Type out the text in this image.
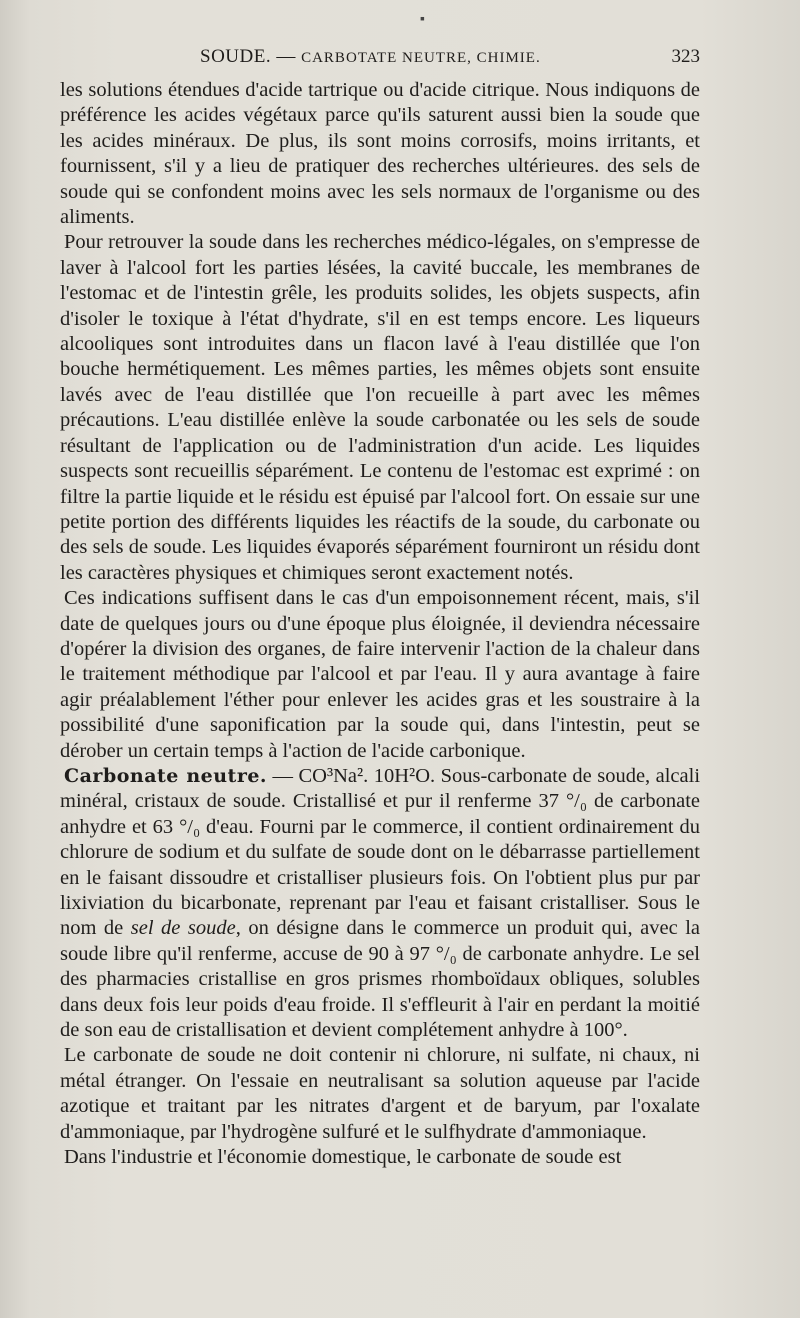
▪
SOUDE. — CARBOTATE NEUTRE, CHIMIE.	323

les solutions étendues d'acide tartrique ou d'acide citrique. Nous indiquons de préférence les acides végétaux parce qu'ils saturent aussi bien la soude que les acides minéraux. De plus, ils sont moins corrosifs, moins irritants, et fournissent, s'il y a lieu de pratiquer des recherches ultérieures. des sels de soude qui se confondent moins avec les sels normaux de l'organisme ou des aliments.

Pour retrouver la soude dans les recherches médico-légales, on s'empresse de laver à l'alcool fort les parties lésées, la cavité buccale, les membranes de l'estomac et de l'intestin grêle, les produits solides, les objets suspects, afin d'isoler le toxique à l'état d'hydrate, s'il en est temps encore. Les liqueurs alcooliques sont introduites dans un flacon lavé à l'eau distillée que l'on bouche hermétiquement. Les mêmes parties, les mêmes objets sont ensuite lavés avec de l'eau distillée que l'on recueille à part avec les mêmes précautions. L'eau distillée enlève la soude carbonatée ou les sels de soude résultant de l'application ou de l'administration d'un acide. Les liquides suspects sont recueillis séparément. Le contenu de l'estomac est exprimé : on filtre la partie liquide et le résidu est épuisé par l'alcool fort. On essaie sur une petite portion des différents liquides les réactifs de la soude, du carbonate ou des sels de soude. Les liquides évaporés séparément fourniront un résidu dont les caractères physiques et chimiques seront exactement notés.

Ces indications suffisent dans le cas d'un empoisonnement récent, mais, s'il date de quelques jours ou d'une époque plus éloignée, il deviendra nécessaire d'opérer la division des organes, de faire intervenir l'action de la chaleur dans le traitement méthodique par l'alcool et par l'eau. Il y aura avantage à faire agir préalablement l'éther pour enlever les acides gras et les soustraire à la possibilité d'une saponification par la soude qui, dans l'intestin, peut se dérober un certain temps à l'action de l'acide carbonique.

Carbonate neutre. — CO³Na². 10H²O. Sous-carbonate de soude, alcali minéral, cristaux de soude. Cristallisé et pur il renferme 37 °/₀ de carbonate anhydre et 63 °/₀ d'eau. Fourni par le commerce, il contient ordinairement du chlorure de sodium et du sulfate de soude dont on le débarrasse partiellement en le faisant dissoudre et cristalliser plusieurs fois. On l'obtient plus pur par lixiviation du bicarbonate, reprenant par l'eau et faisant cristalliser. Sous le nom de sel de soude, on désigne dans le commerce un produit qui, avec la soude libre qu'il renferme, accuse de 90 à 97 °/₀ de carbonate anhydre. Le sel des pharmacies cristallise en gros prismes rhomboïdaux obliques, solubles dans deux fois leur poids d'eau froide. Il s'effleurit à l'air en perdant la moitié de son eau de cristallisation et devient complétement anhydre à 100°.

Le carbonate de soude ne doit contenir ni chlorure, ni sulfate, ni chaux, ni métal étranger. On l'essaie en neutralisant sa solution aqueuse par l'acide azotique et traitant par les nitrates d'argent et de baryum, par l'oxalate d'ammoniaque, par l'hydrogène sulfuré et le sulfhydrate d'ammoniaque.

Dans l'industrie et l'économie domestique, le carbonate de soude est
